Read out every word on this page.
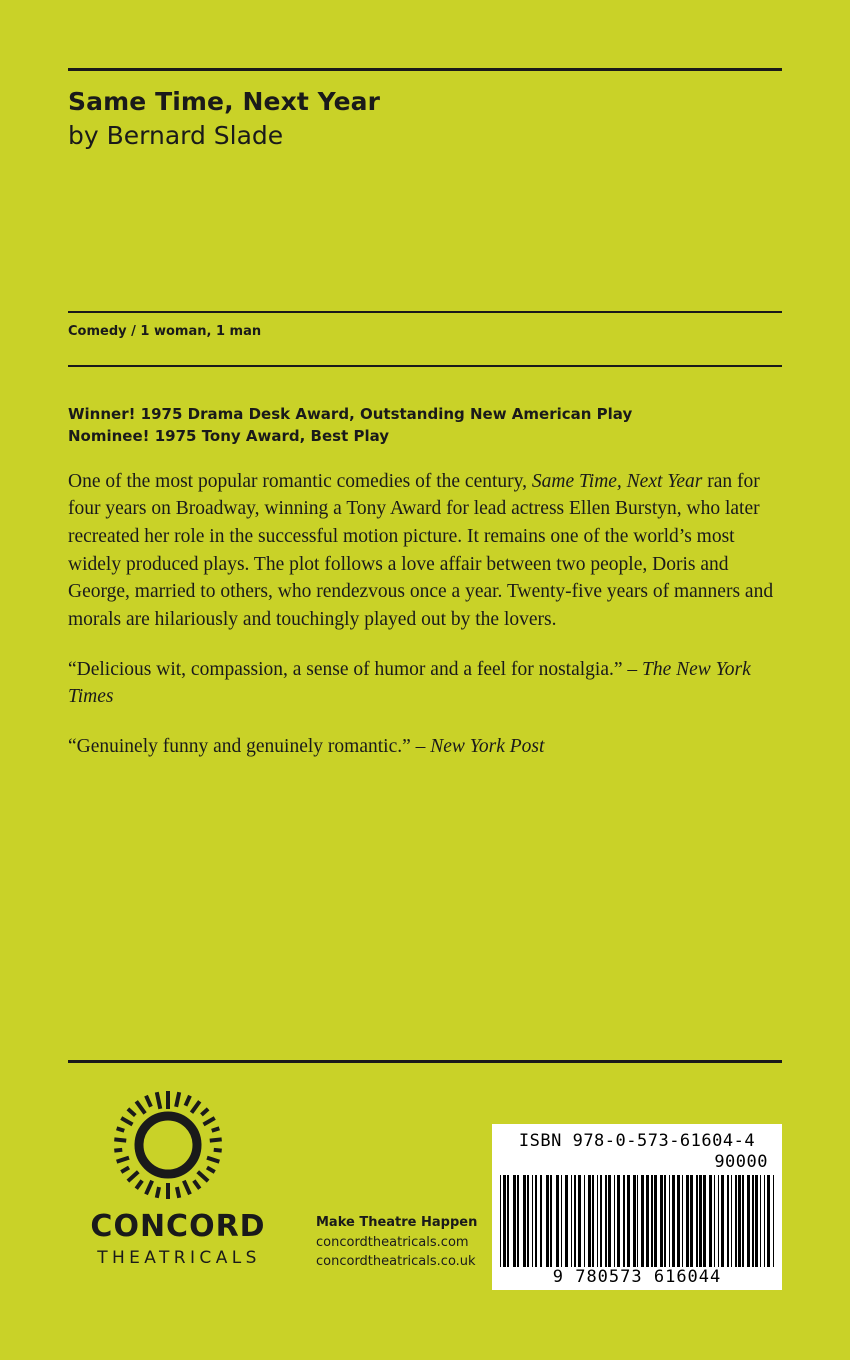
Same Time, Next Year
by Bernard Slade
Comedy / 1 woman, 1 man
Winner! 1975 Drama Desk Award, Outstanding New American Play
Nominee! 1975 Tony Award, Best Play

One of the most popular romantic comedies of the century, Same Time, Next Year ran for four years on Broadway, winning a Tony Award for lead actress Ellen Burstyn, who later recreated her role in the successful motion picture. It remains one of the world’s most widely produced plays. The plot follows a love affair between two people, Doris and George, married to others, who rendezvous once a year. Twenty-five years of manners and morals are hilariously and touchingly played out by the lovers.

“Delicious wit, compassion, a sense of humor and a feel for nostalgia.” – The New York Times

“Genuinely funny and genuinely romantic.” – New York Post

CONCORD
THEATRICALS
Make Theatre Happen
concordtheatricals.com
concordtheatricals.co.uk
ISBN 978-0-573-61604-4
90000
9 780573 616044
